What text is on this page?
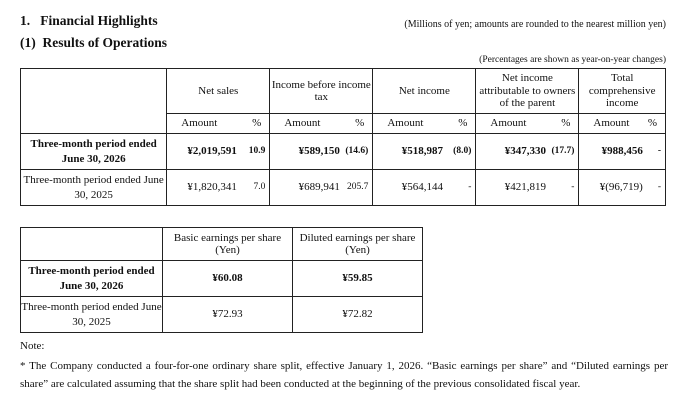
1.   Financial Highlights
(1)  Results of Operations
(Millions of yen; amounts are rounded to the nearest million yen)
(Percentages are shown as year-on-year changes)
	Net sales		Income before income tax		Net income		Net income attributable to owners of the parent		Total comprehensive income	
	Amount	%	Amount	%	Amount	%	Amount	%	Amount	%
Three-month period ended June 30, 2026	¥2,019,591	10.9	¥589,150	(14.6)	¥518,987	(8.0)	¥347,330	(17.7)	¥988,456	-
Three-month period ended June 30, 2025	¥1,820,341	7.0	¥689,941	205.7	¥564,144	-	¥421,819	-	¥(96,719)	-
	Basic earnings per share (Yen)	Diluted earnings per share (Yen)
Three-month period ended June 30, 2026	¥60.08	¥59.85
Three-month period ended June 30, 2025	¥72.93	¥72.82
Note:
* The Company conducted a four-for-one ordinary share split, effective January 1, 2026. “Basic earnings per share” and “Diluted earnings per share” are calculated assuming that the share split had been conducted at the beginning of the previous consolidated fiscal year.
